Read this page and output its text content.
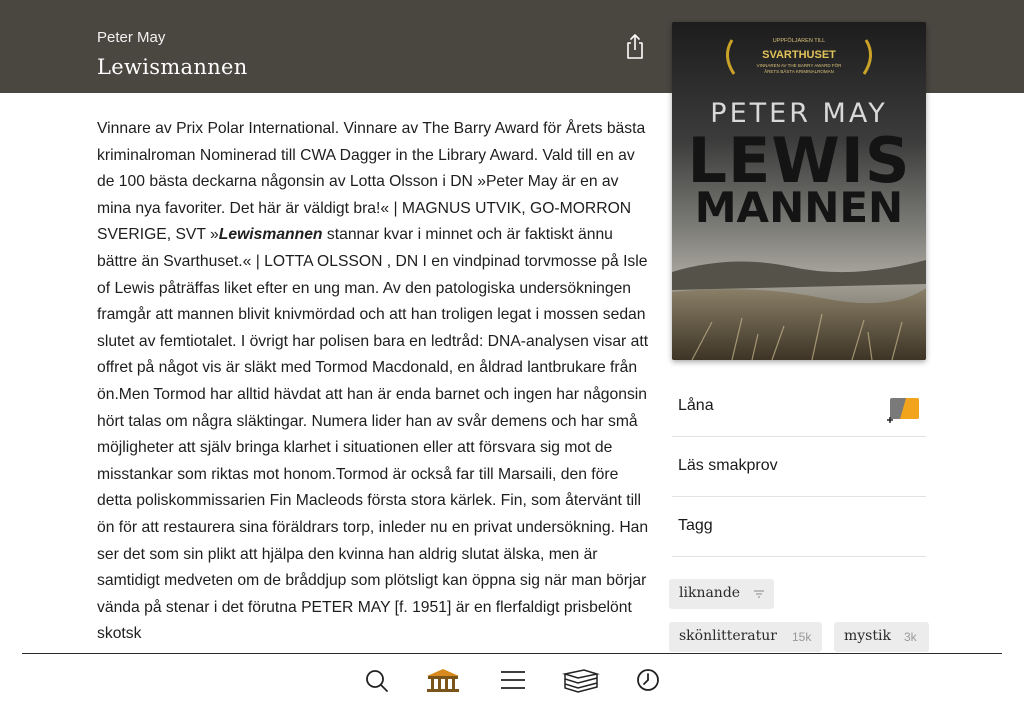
Peter May
Lewismannen
Vinnare av Prix Polar International. Vinnare av The Barry Award för Årets bästa kriminalroman Nominerad till CWA Dagger in the Library Award. Vald till en av de 100 bästa deckarna någonsin av Lotta Olsson i DN »Peter May är en av mina nya favoriter. Det här är väldigt bra!« | MAGNUS UTVIK, GO-MORRON SVERIGE, SVT »Lewismannen stannar kvar i minnet och är faktiskt ännu bättre än Svarthuset.« | LOTTA OLSSON , DN I en vindpinad torvmosse på Isle of Lewis påträffas liket efter en ung man. Av den patologiska undersökningen framgår att mannen blivit knivmördad och att han troligen legat i mossen sedan slutet av femtiotalet. I övrigt har polisen bara en ledtråd: DNA-analysen visar att offret på något vis är släkt med Tormod Macdonald, en åldrad lantbrukare från ön.Men Tormod har alltid hävdat att han är enda barnet och ingen har någonsin hört talas om några släktingar. Numera lider han av svår demens och har små möjligheter att själv bringa klarhet i situationen eller att försvara sig mot de misstankar som riktas mot honom.Tormod är också far till Marsaili, den före detta poliskommissarien Fin Macleods första stora kärlek. Fin, som återvänt till ön för att restaurera sina föräldrars torp, inleder nu en privat undersökning. Han ser det som sin plikt att hjälpa den kvinna han aldrig slutat älska, men är samtidigt medveten om de bråddjup som plötsligt kan öppna sig när man börjar vända på stenar i det förutna PETER MAY [f. 1951] är en flerfaldigt prisbelönt skotsk
UPPFÖLJAREN TILL
SVARTHUSET
VINNAREN AV THE BARRY AWARD FÖR
ÅRETS BÄSTA KRIMINALROMAN
PETER MAY
LEWIS
MANNEN
Låna
Läs smakprov
Tagg
liknande
skönlitteratur 15k mystik 3k
